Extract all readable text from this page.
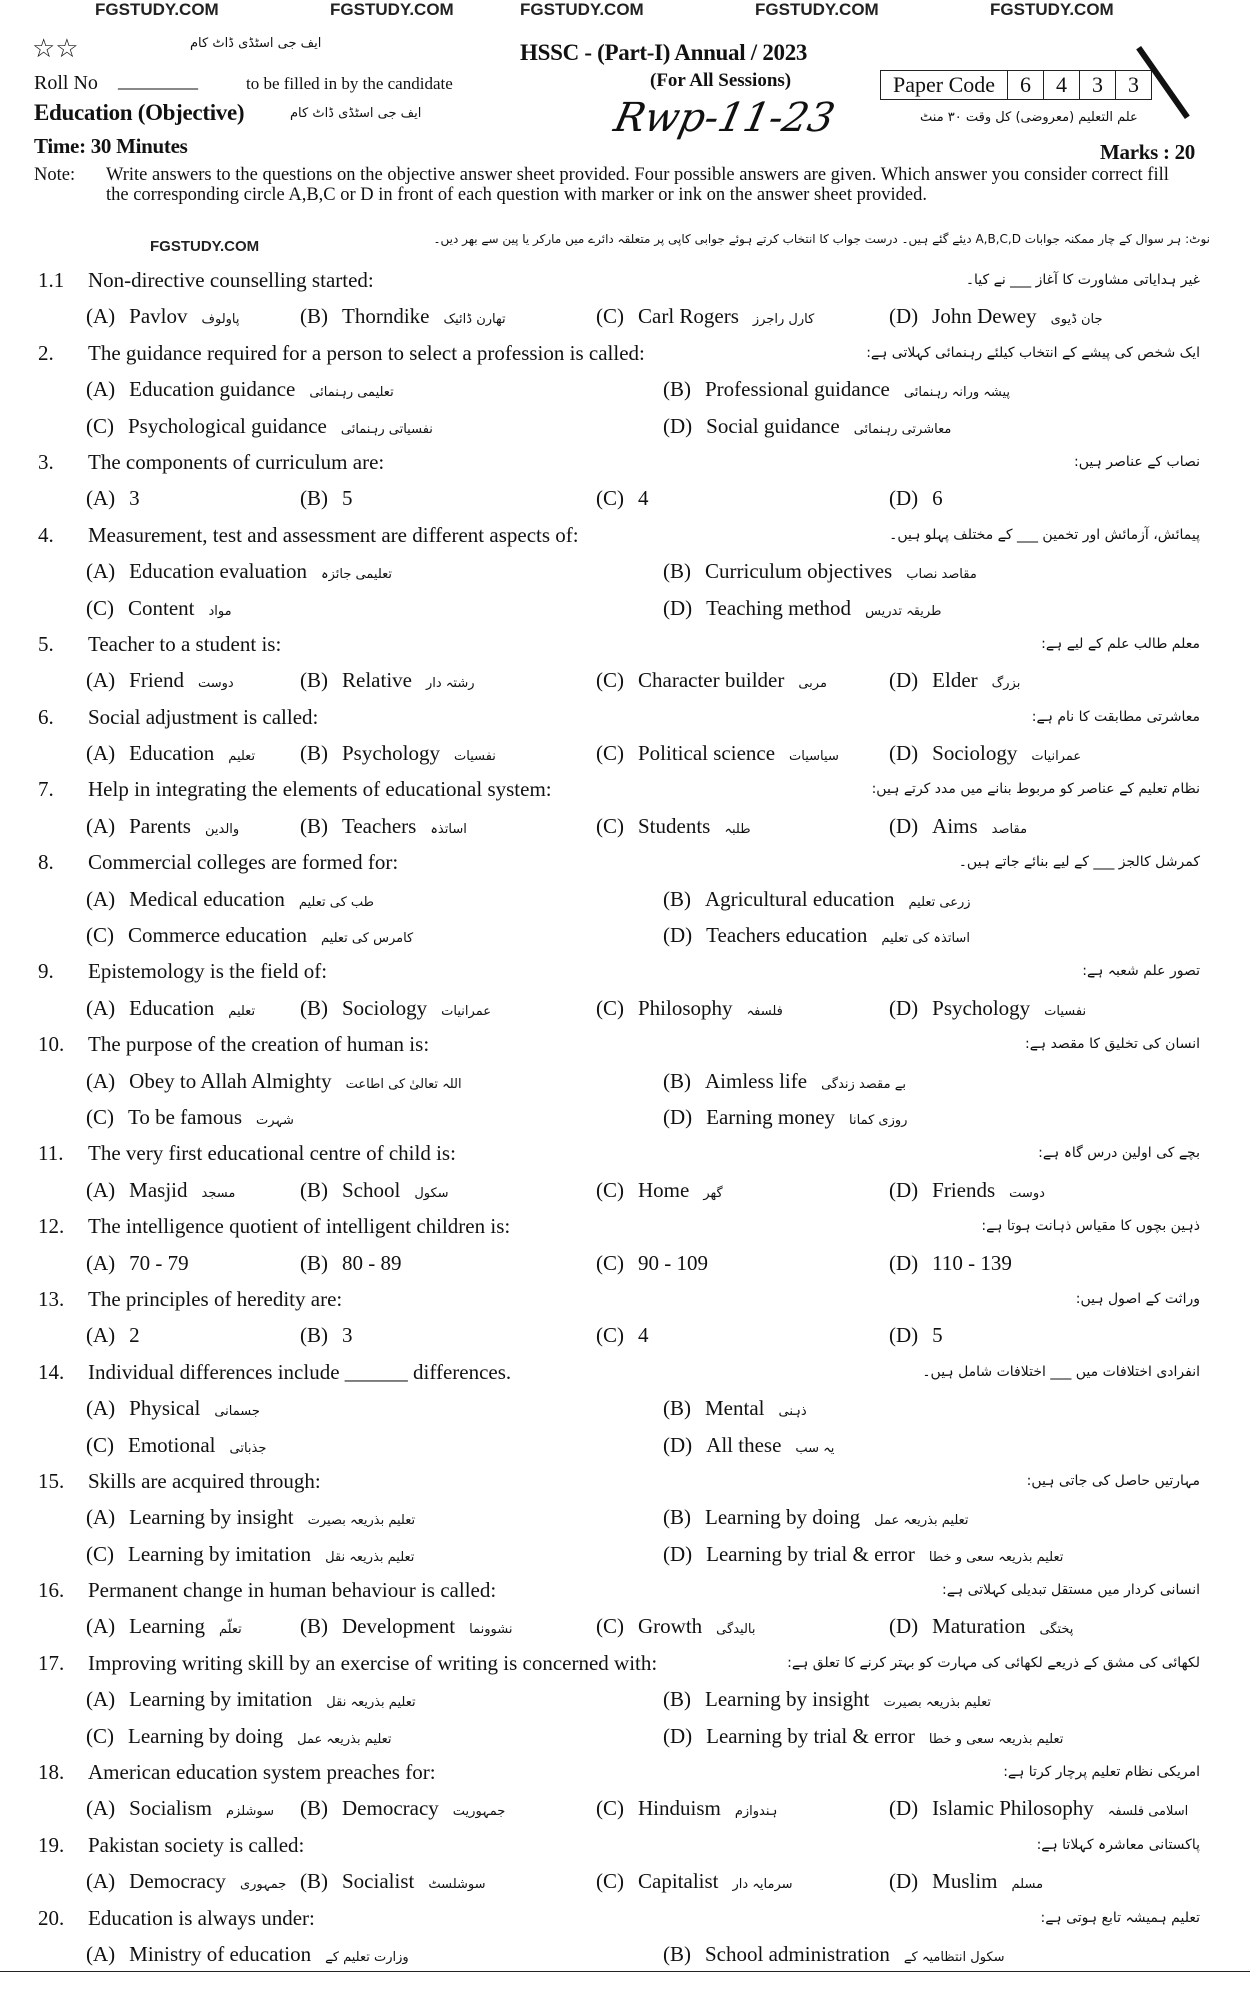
FGSTUDY.COM	FGSTUDY.COM	FGSTUDY.COM	FGSTUDY.COM	FGSTUDY.COM
☆☆	ایف جی اسٹڈی ڈاٹ کام	HSSC - (Part-I) Annual / 2023
Roll No ________	to be filled in by the candidate	(For All Sessions)	Paper Code	6	4	3	3
Education (Objective)	ایف جی اسٹڈی ڈاٹ کام	Rwp-11-23	علم التعلیم (معروضی) کل وقت ۳۰ منٹ
Time: 30 Minutes	Marks : 20
Note: Write answers to the questions on the objective answer sheet provided. Four possible answers are given. Which answer you consider correct fill the corresponding circle A,B,C or D in front of each question with marker or ink on the answer sheet provided.
FGSTUDY.COM	نوٹ: ہر سوال کے چار ممکنہ جوابات A,B,C,D دیئے گئے ہیں۔ درست جواب کا انتخاب کرتے ہوئے جوابی کاپی پر متعلقہ دائرے میں مارکر یا پین سے بھر دیں۔
1.1 Non-directive counselling started:	غیر ہدایاتی مشاورت کا آغاز ___ نے کیا۔
(A) Pavlov پاولوف	(B) Thorndike تھارن ڈائیک	(C) Carl Rogers کارل راجرز	(D) John Dewey جان ڈیوی
2. The guidance required for a person to select a profession is called:	ایک شخص کی پیشے کے انتخاب کیلئے رہنمائی کہلاتی ہے:
(A) Education guidance تعلیمی رہنمائی	(B) Professional guidance پیشہ ورانہ رہنمائی
(C) Psychological guidance نفسیاتی رہنمائی	(D) Social guidance معاشرتی رہنمائی
3. The components of curriculum are:	نصاب کے عناصر ہیں:
(A) 3	(B) 5	(C) 4	(D) 6
4. Measurement, test and assessment are different aspects of:	پیمائش، آزمائش اور تخمین ___ کے مختلف پہلو ہیں۔
(A) Education evaluation تعلیمی جائزہ	(B) Curriculum objectives مقاصد نصاب
(C) Content مواد	(D) Teaching method طریقہ تدریس
5. Teacher to a student is:	معلم طالب علم کے لیے ہے:
(A) Friend دوست	(B) Relative رشتہ دار	(C) Character builder مربی	(D) Elder بزرگ
6. Social adjustment is called:	معاشرتی مطابقت کا نام ہے:
(A) Education تعلیم (B) Psychology نفسیات	(C) Political science سیاسیات (D) Sociology عمرانیات
7. Help in integrating the elements of educational system:	نظام تعلیم کے عناصر کو مربوط بنانے میں مدد کرتے ہیں:
(A) Parents والدین	(B) Teachers اساتذہ	(C) Students طلبہ	(D) Aims مقاصد
8. Commercial colleges are formed for:	کمرشل کالجز ___ کے لیے بنائے جاتے ہیں۔
(A) Medical education طب کی تعلیم	(B) Agricultural education زرعی تعلیم
(C) Commerce education کامرس کی تعلیم	(D) Teachers education اساتذہ کی تعلیم
9. Epistemology is the field of:	تصور علم شعبہ ہے:
(A) Education تعلیم (B) Sociology عمرانیات	(C) Philosophy فلسفہ	(D) Psychology نفسیات
10. The purpose of the creation of human is:	انسان کی تخلیق کا مقصد ہے:
(A) Obey to Allah Almighty اللہ تعالیٰ کی اطاعت	(B) Aimless life بے مقصد زندگی
(C) To be famous شہرت	(D) Earning money روزی کمانا
11. The very first educational centre of child is:	بچے کی اولین درس گاہ ہے:
(A) Masjid مسجد	(B) School سکول	(C) Home گھر	(D) Friends دوست
12. The intelligence quotient of intelligent children is:	ذہین بچوں کا مقیاس ذہانت ہوتا ہے:
(A) 70 - 79	(B) 80 - 89	(C) 90 - 109	(D) 110 - 139
13. The principles of heredity are:	وراثت کے اصول ہیں:
(A) 2	(B) 3	(C) 4	(D) 5
14. Individual differences include ______ differences.	انفرادی اختلافات میں ___ اختلافات شامل ہیں۔
(A) Physical جسمانی	(B) Mental ذہنی
(C) Emotional جذباتی	(D) All these یہ سب
15. Skills are acquired through:	مہارتیں حاصل کی جاتی ہیں:
(A) Learning by insight تعلیم بذریعہ بصیرت	(B) Learning by doing تعلیم بذریعہ عمل
(C) Learning by imitation تعلیم بذریعہ نقل	(D) Learning by trial & error تعلیم بذریعہ سعی و خطا
16. Permanent change in human behaviour is called:	انسانی کردار میں مستقل تبدیلی کہلاتی ہے:
(A) Learning تعلّم	(B) Development نشوونما	(C) Growth بالیدگی	(D) Maturation پختگی
17. Improving writing skill by an exercise of writing is concerned with:	لکھائی کی مشق کے ذریعے لکھائی کی مہارت کو بہتر کرنے کا تعلق ہے:
(A) Learning by imitation تعلیم بذریعہ نقل	(B) Learning by insight تعلیم بذریعہ بصیرت
(C) Learning by doing تعلیم بذریعہ عمل	(D) Learning by trial & error تعلیم بذریعہ سعی و خطا
18. American education system preaches for:	امریکی نظام تعلیم پرچار کرتا ہے:
(A) Socialism سوشلزم (B) Democracy جمہوریت	(C) Hinduism ہندوازم	(D) Islamic Philosophy اسلامی فلسفہ
19. Pakistan society is called:	پاکستانی معاشرہ کہلاتا ہے:
(A) Democracy جمہوری (B) Socialist سوشلسٹ	(C) Capitalist سرمایہ دار	(D) Muslim مسلم
20. Education is always under:	تعلیم ہمیشہ تابع ہوتی ہے:
(A) Ministry of education وزارت تعلیم کے	(B) School administration سکول انتظامیہ کے
